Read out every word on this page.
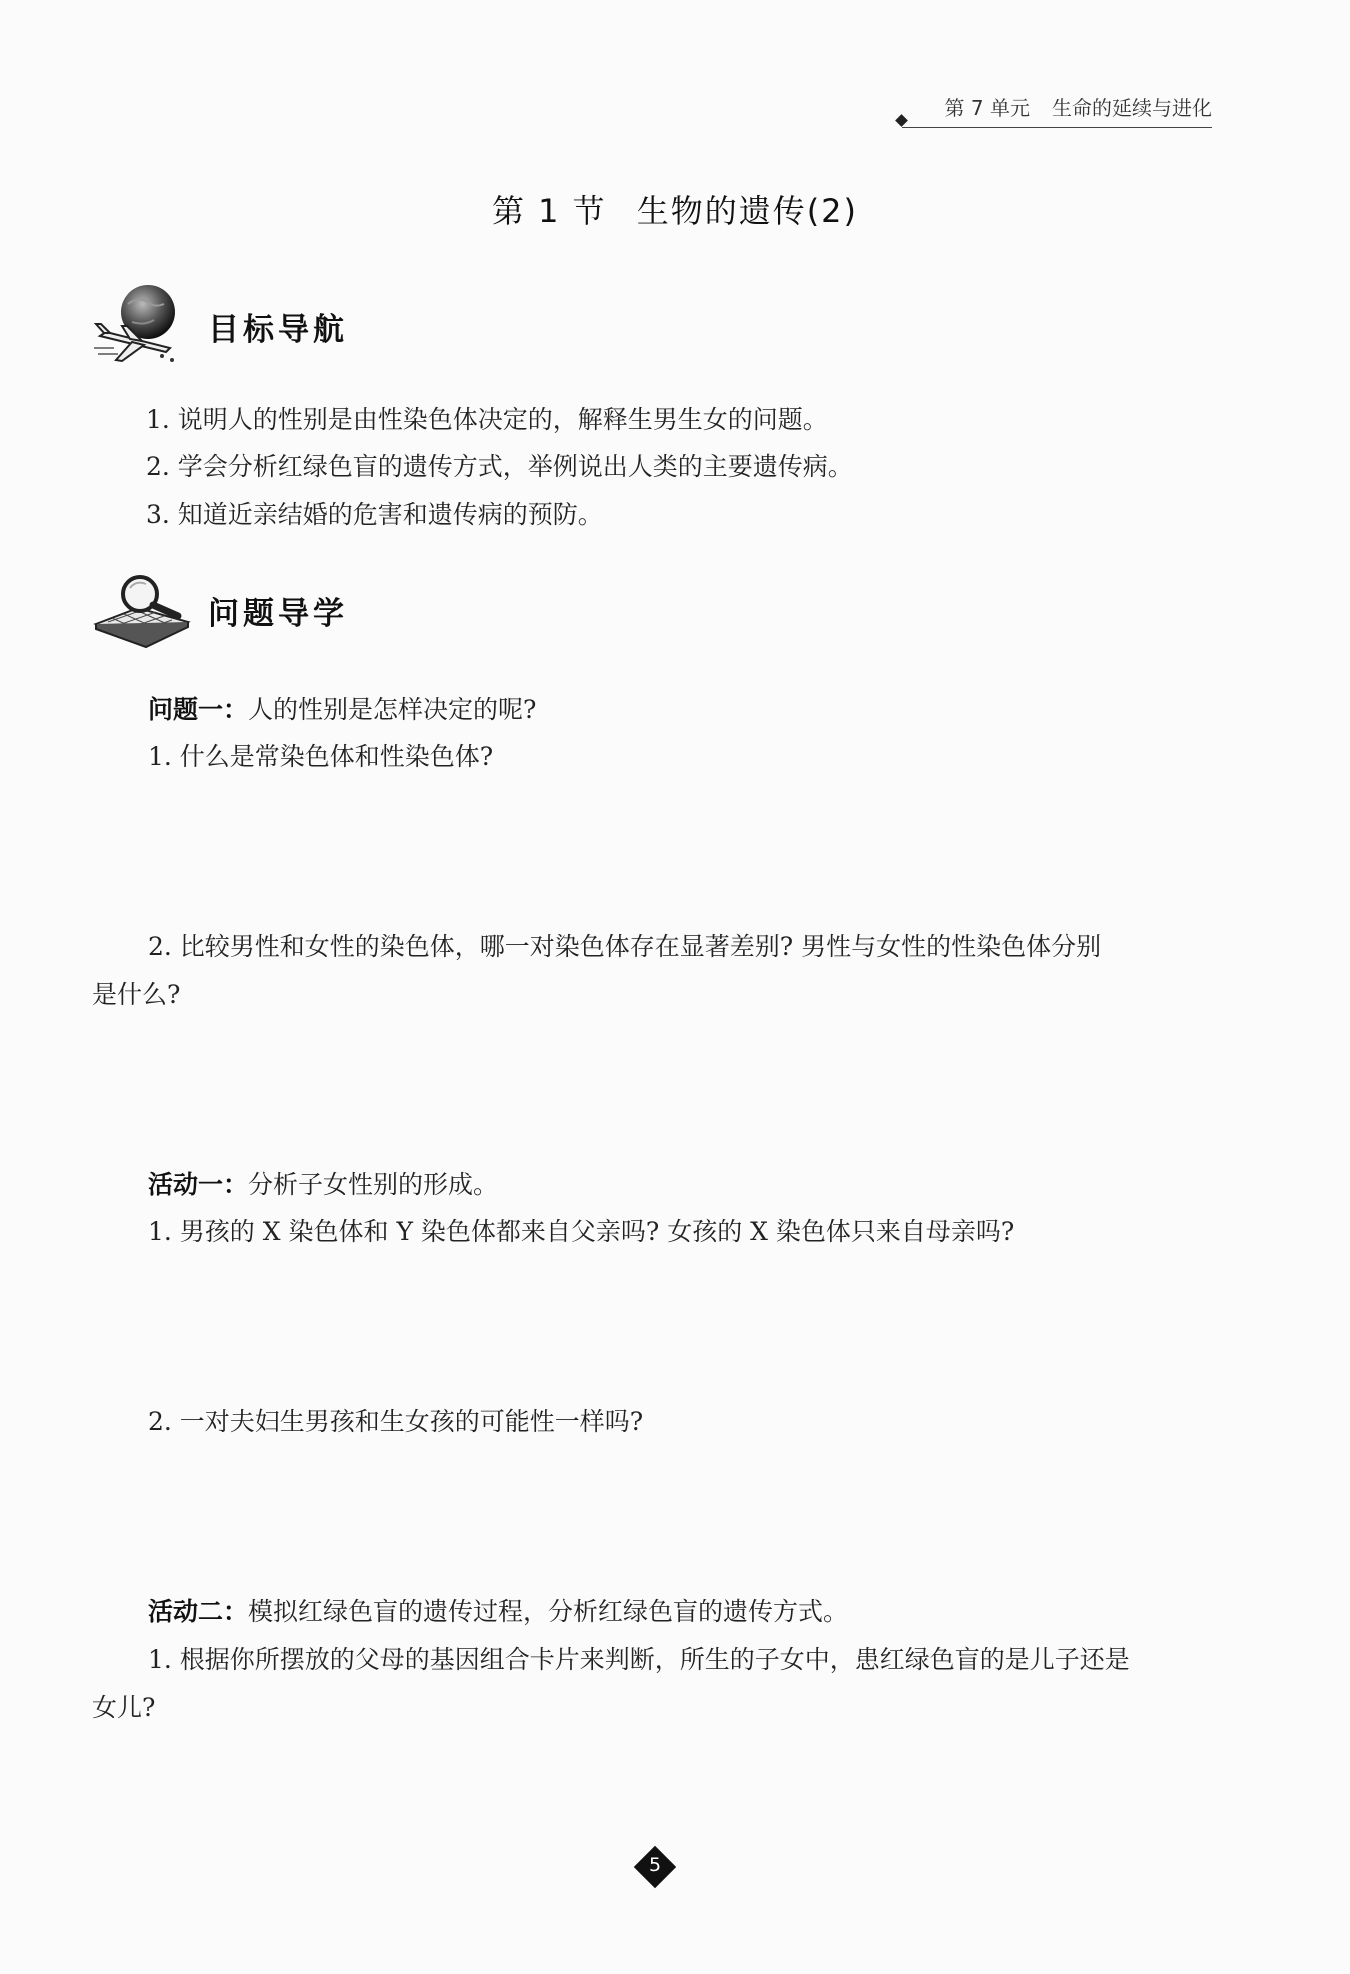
第 7 单元 生命的延续与进化
第 1 节 生物的遗传(2)
目标导航
1. 说明人的性别是由性染色体决定的，解释生男生女的问题。
2. 学会分析红绿色盲的遗传方式，举例说出人类的主要遗传病。
3. 知道近亲结婚的危害和遗传病的预防。
问题导学
问题一：人的性别是怎样决定的呢?
1. 什么是常染色体和性染色体?
2. 比较男性和女性的染色体，哪一对染色体存在显著差别? 男性与女性的性染色体分别
是什么?
活动一：分析子女性别的形成。
1. 男孩的 X 染色体和 Y 染色体都来自父亲吗? 女孩的 X 染色体只来自母亲吗?
2. 一对夫妇生男孩和生女孩的可能性一样吗?
活动二：模拟红绿色盲的遗传过程，分析红绿色盲的遗传方式。
1. 根据你所摆放的父母的基因组合卡片来判断，所生的子女中，患红绿色盲的是儿子还是
女儿?
5
